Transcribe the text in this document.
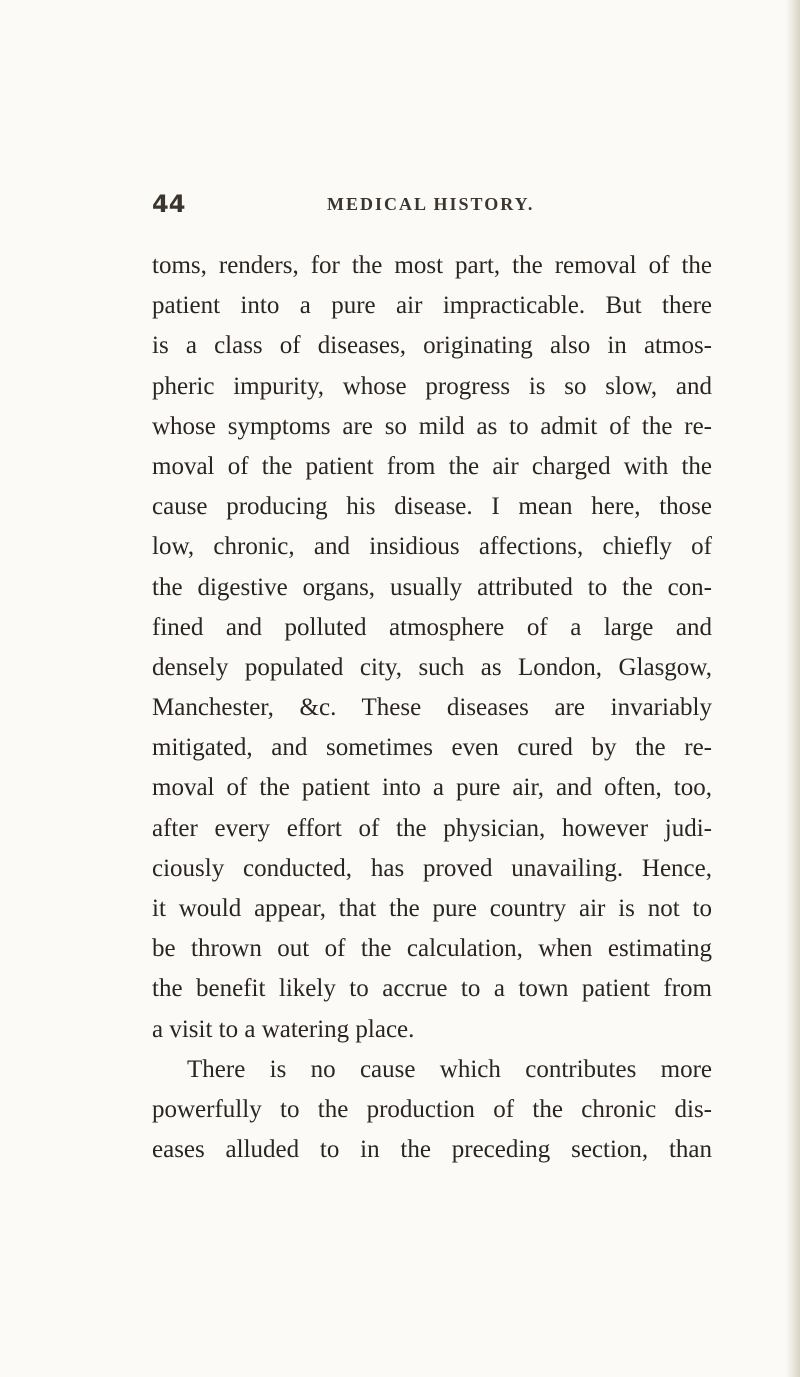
44	MEDICAL HISTORY.
toms, renders, for the most part, the removal of the
patient into a pure air impracticable. But there
is a class of diseases, originating also in atmos-
pheric impurity, whose progress is so slow, and
whose symptoms are so mild as to admit of the re-
moval of the patient from the air charged with the
cause producing his disease. I mean here, those
low, chronic, and insidious affections, chiefly of
the digestive organs, usually attributed to the con-
fined and polluted atmosphere of a large and
densely populated city, such as London, Glasgow,
Manchester, &c. These diseases are invariably
mitigated, and sometimes even cured by the re-
moval of the patient into a pure air, and often, too,
after every effort of the physician, however judi-
ciously conducted, has proved unavailing. Hence,
it would appear, that the pure country air is not to
be thrown out of the calculation, when estimating
the benefit likely to accrue to a town patient from
a visit to a watering place.
There is no cause which contributes more
powerfully to the production of the chronic dis-
eases alluded to in the preceding section, than
